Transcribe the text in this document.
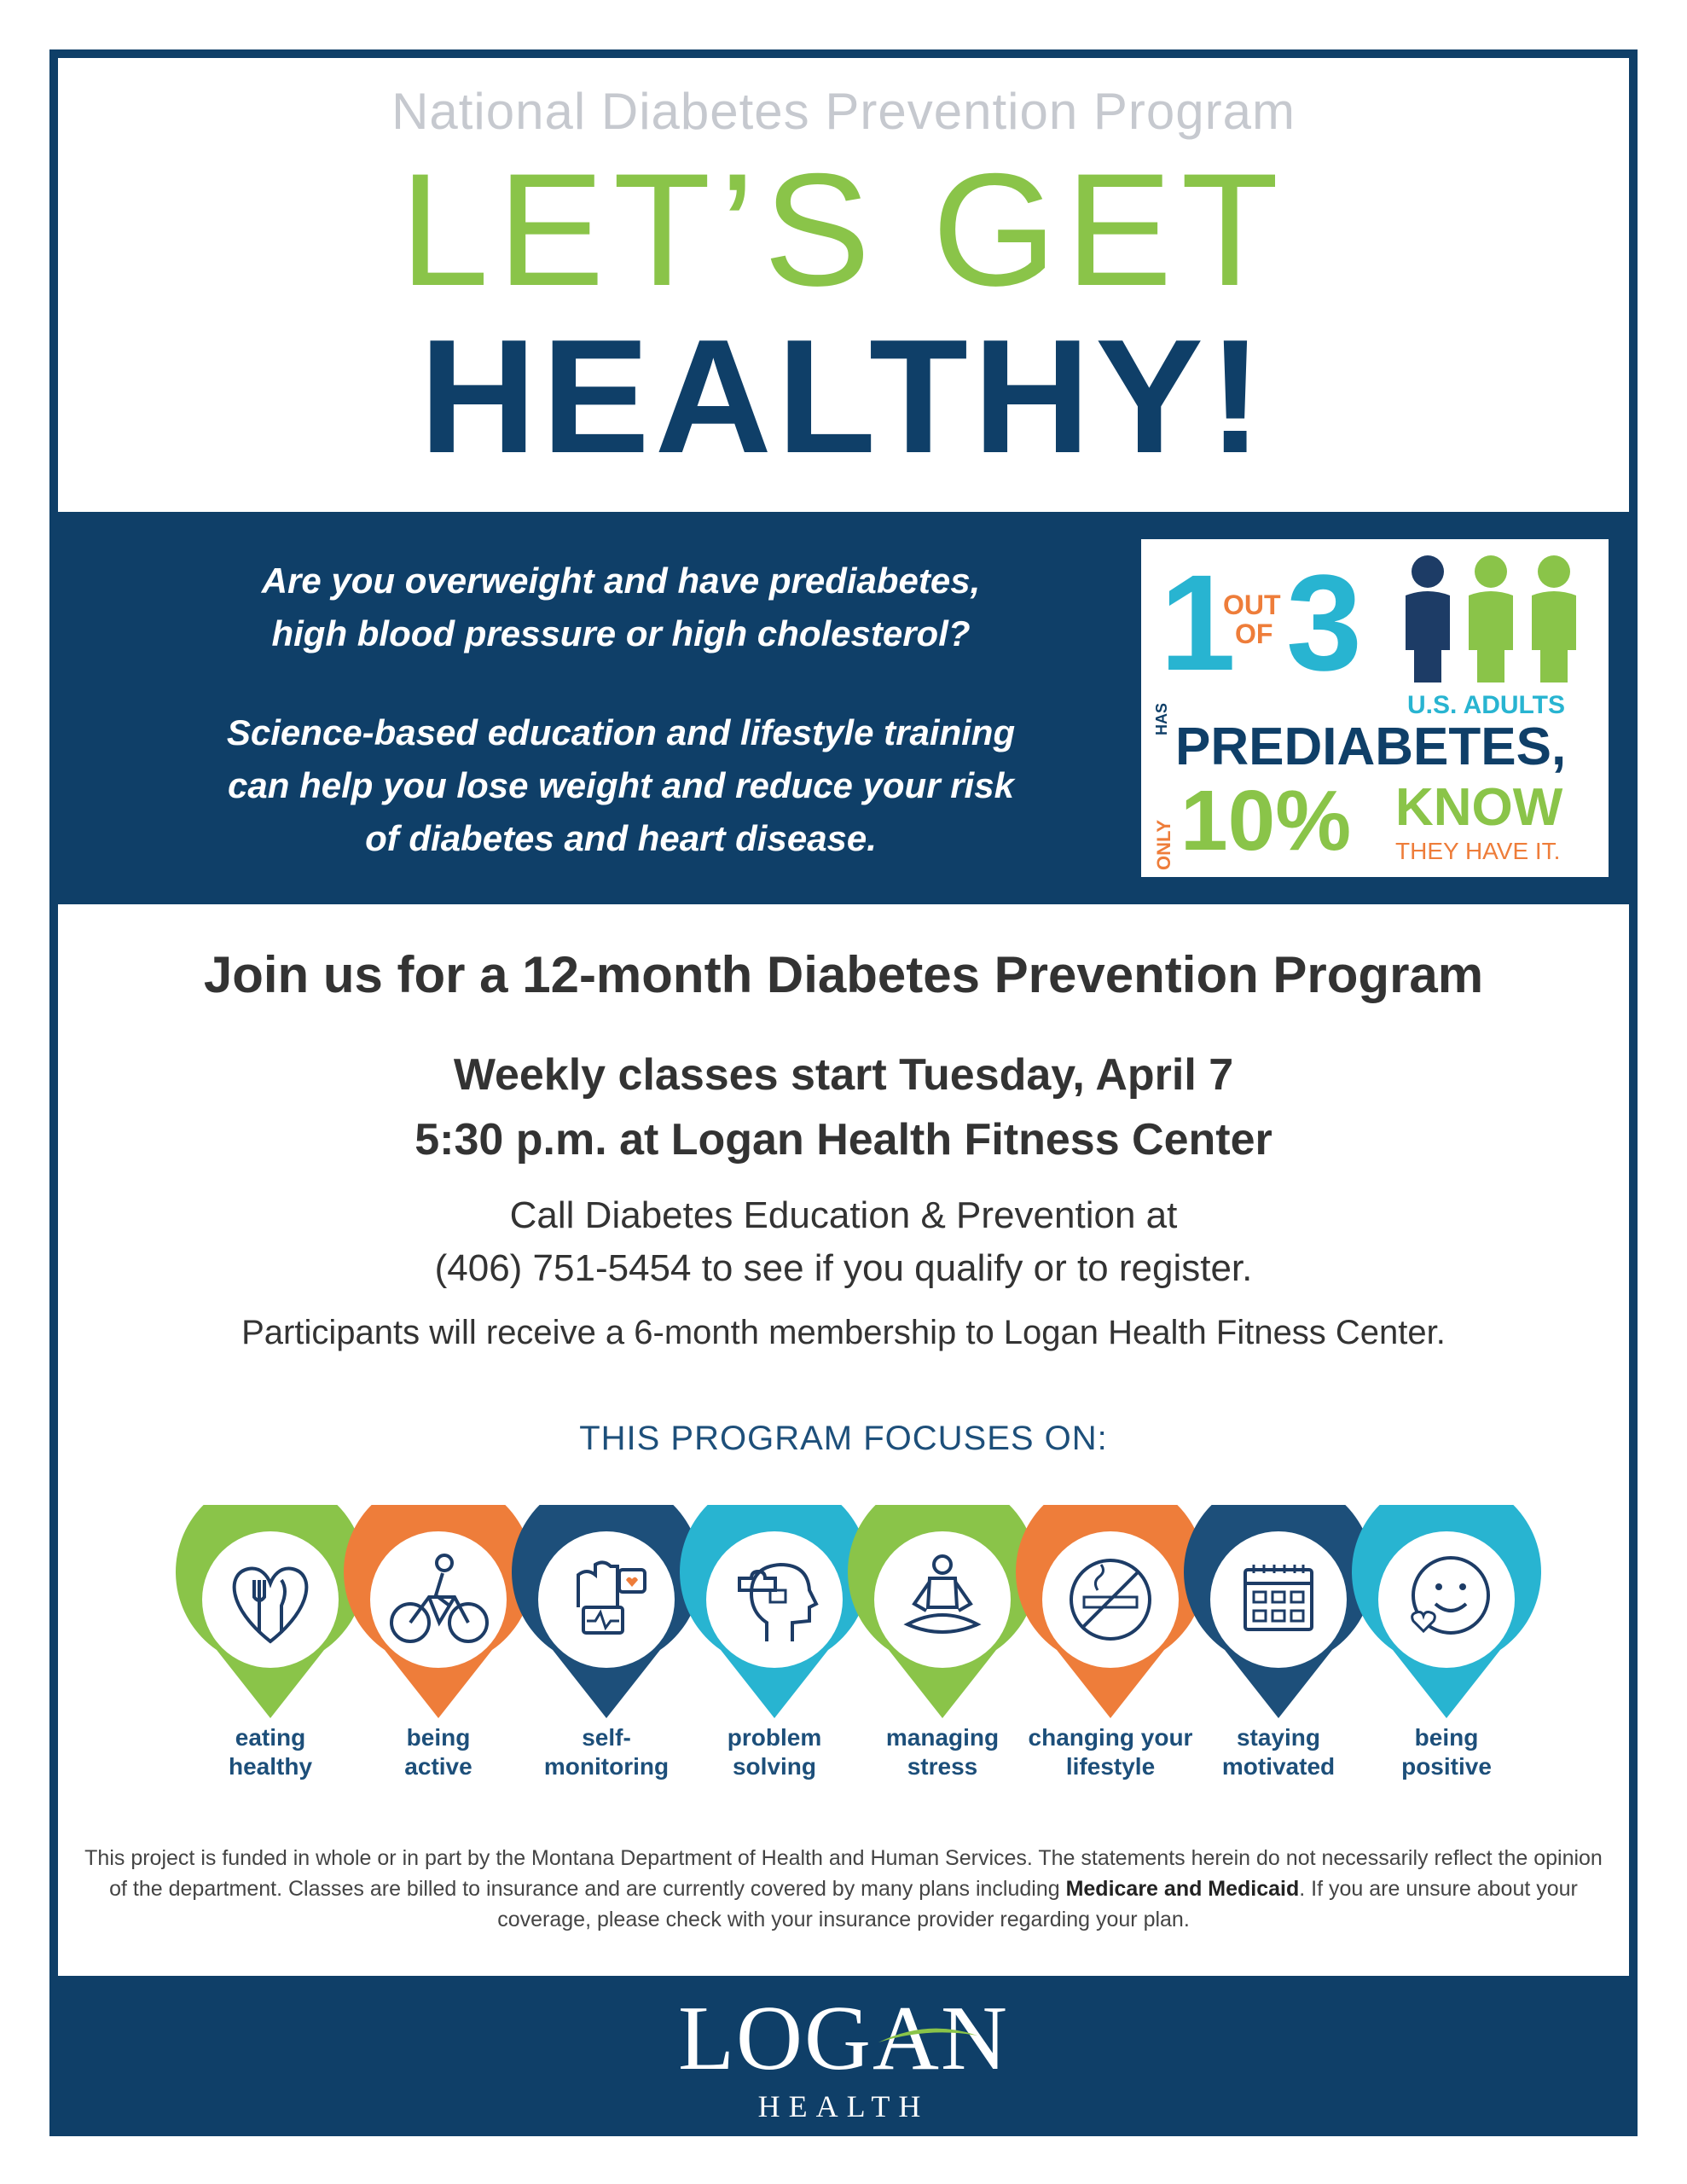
National Diabetes Prevention Program
LET’S GET
HEALTHY!

Are you overweight and have prediabetes,

high blood pressure or high cholesterol?

Science-based education and lifestyle training

can help you lose weight and reduce your risk

of diabetes and heart disease.

1
OUT
OF 3
U.S. ADULTS
HAS PREDIABETES,
ONLY 10% KNOW
THEY HAVE IT.
Join us for a 12-month Diabetes Prevention Program

Weekly classes start Tuesday, April 7

5:30 p.m. at Logan Health Fitness Center

Call Diabetes Education & Prevention at

(406) 751-5454 to see if you qualify or to register.

Participants will receive a 6-month membership to Logan Health Fitness Center.
THIS PROGRAM FOCUSES ON:
eating
healthy
being
active
self-
monitoring
problem
solving
managing
stress
changing your
lifestyle
staying
motivated
being
positive
This project is funded in whole or in part by the Montana Department of Health and Human Services. The statements herein do not necessarily reflect the opinion of the department. Classes are billed to insurance and are currently covered by many plans including Medicare and Medicaid. If you are unsure about your coverage, please check with your insurance provider regarding your plan.
LOGAN
HEALTH
